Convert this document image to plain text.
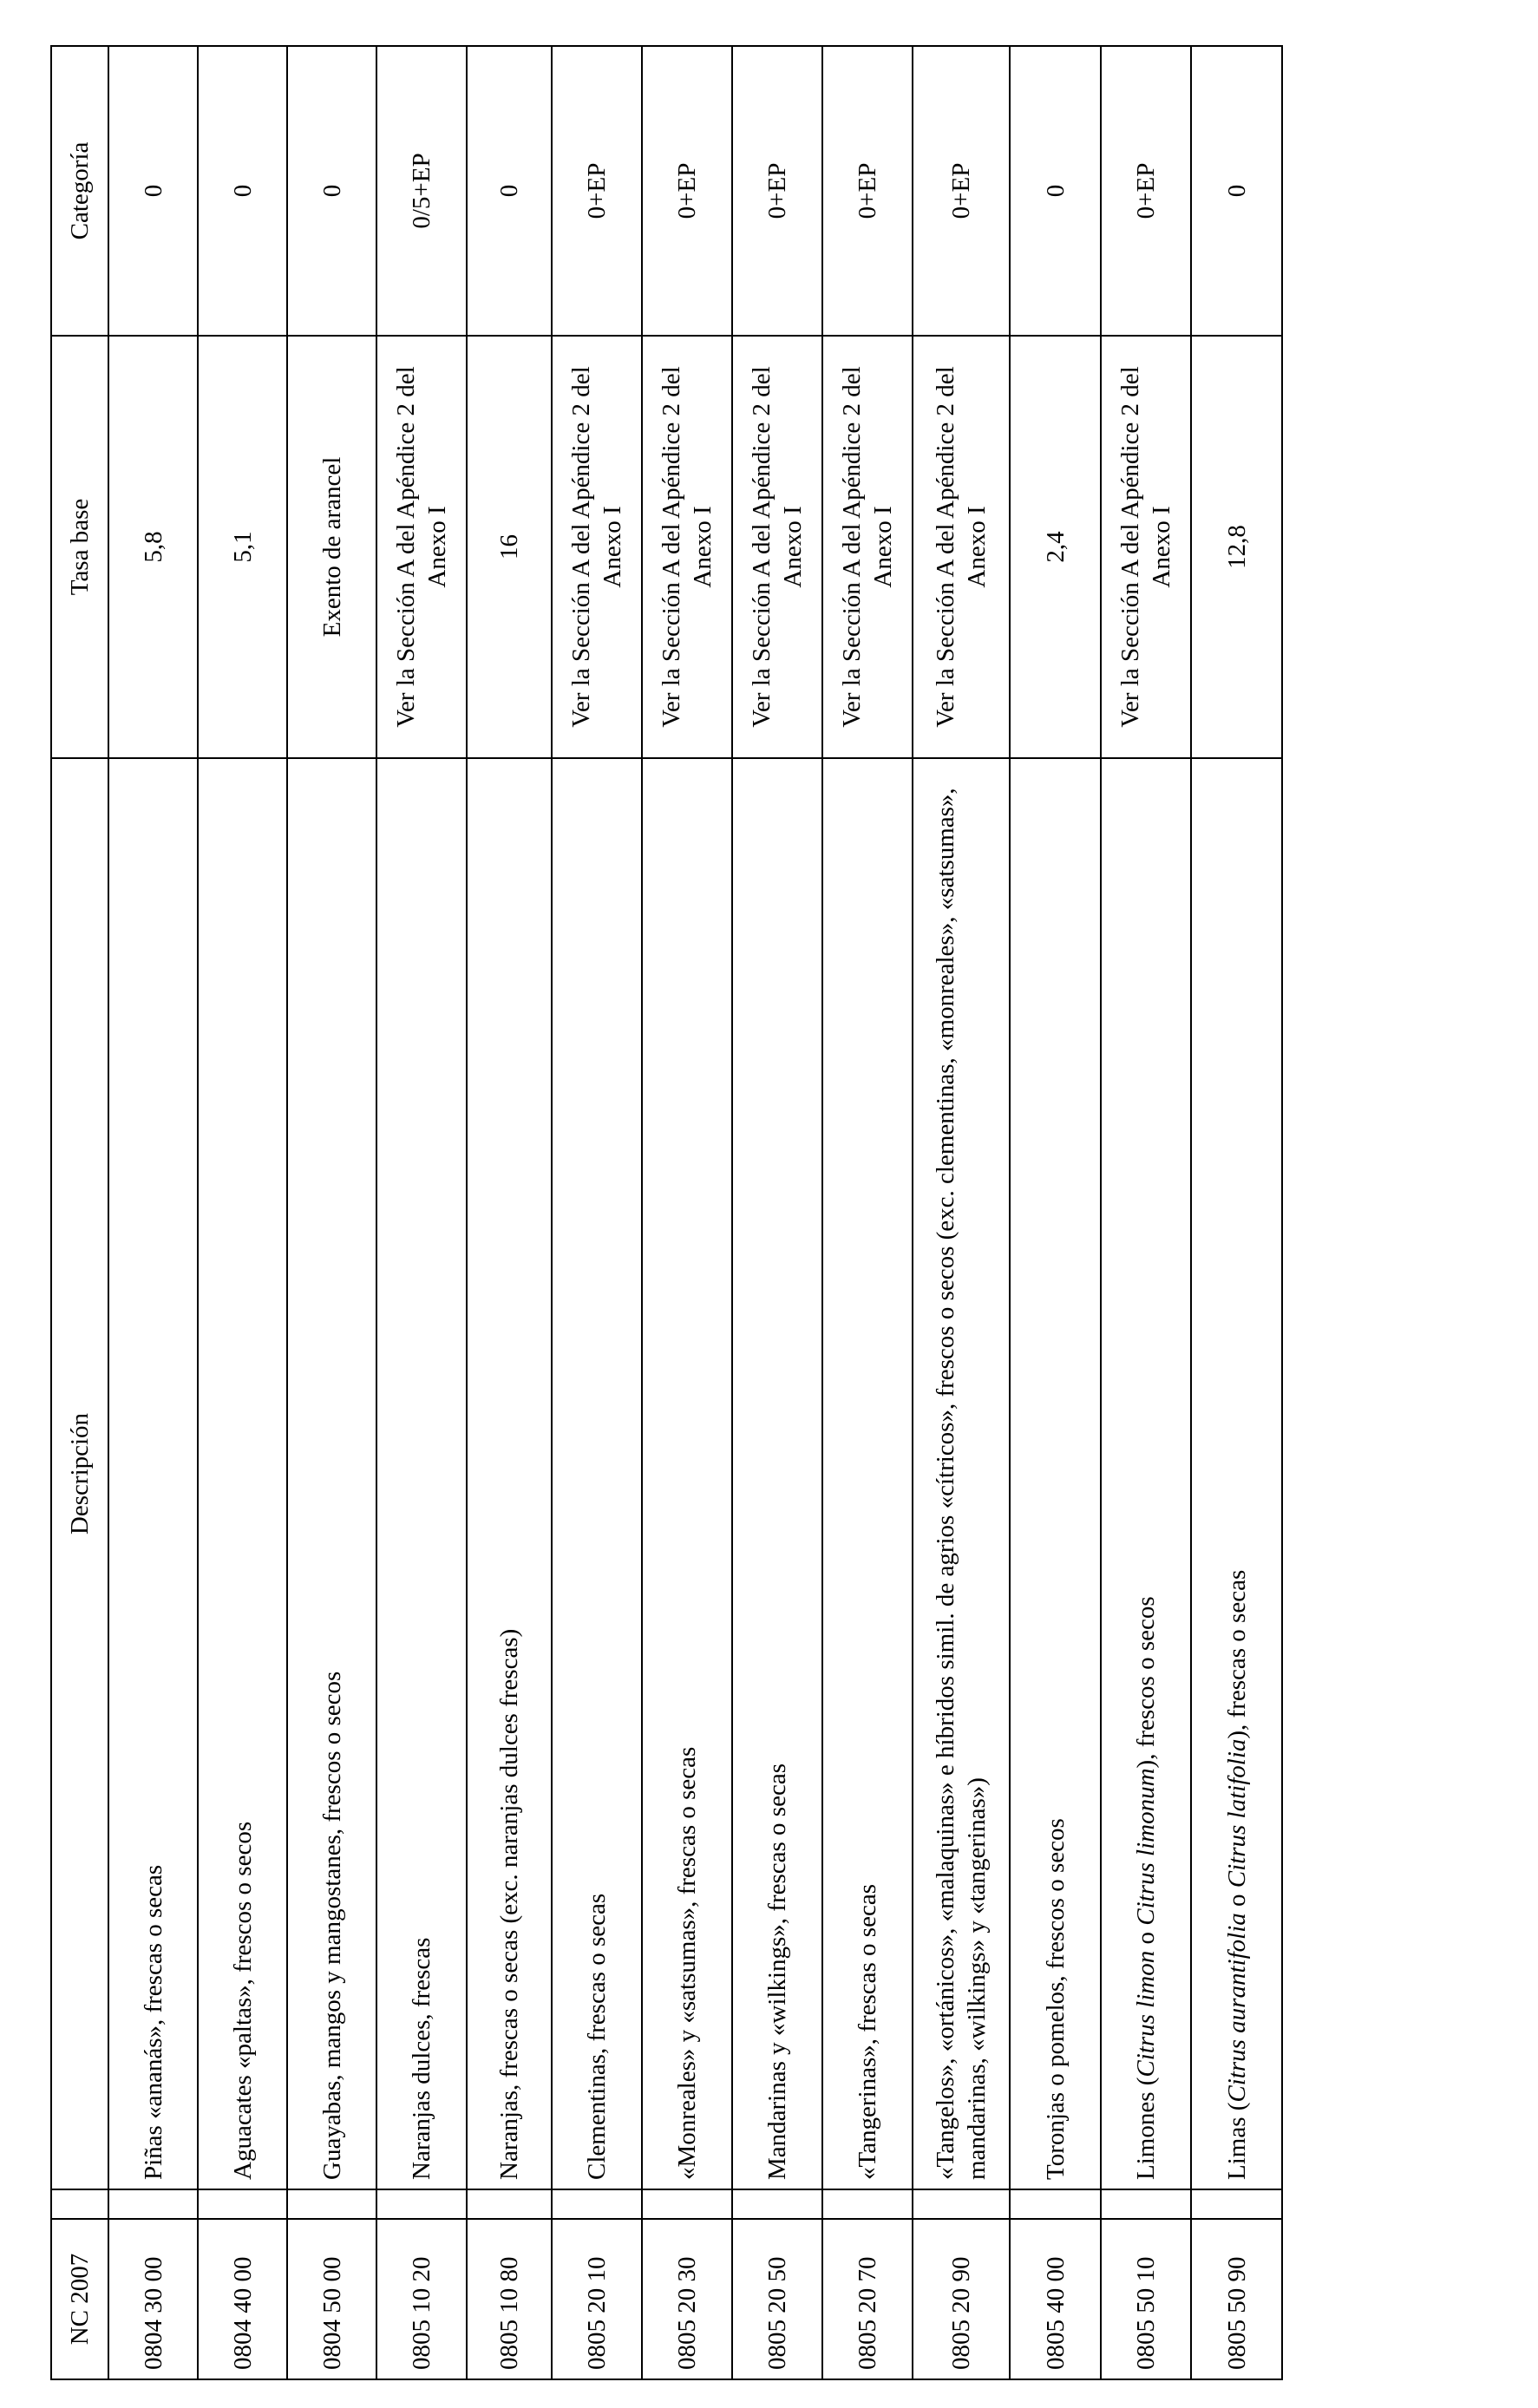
NC 2007		Descripción	Tasa base	Categoría
0804 30 00		Piñas «ananás», frescas o secas	5,8	0
0804 40 00		Aguacates «paltas», frescos o secos	5,1	0
0804 50 00		Guayabas, mangos y mangostanes, frescos o secos	Exento de arancel	0
0805 10 20		Naranjas dulces, frescas	Ver la Sección A del Apéndice 2 del Anexo I	0/5+EP
0805 10 80		Naranjas, frescas o secas (exc. naranjas dulces frescas)	16	0
0805 20 10		Clementinas, frescas o secas	Ver la Sección A del Apéndice 2 del Anexo I	0+EP
0805 20 30		«Monreales» y «satsumas», frescas o secas	Ver la Sección A del Apéndice 2 del Anexo I	0+EP
0805 20 50		Mandarinas y «wilkings», frescas o secas	Ver la Sección A del Apéndice 2 del Anexo I	0+EP
0805 20 70		«Tangerinas», frescas o secas	Ver la Sección A del Apéndice 2 del Anexo I	0+EP
0805 20 90		«Tangelos», «ortánicos», «malaquinas» e híbridos simil. de agrios «cítricos», frescos o secos (exc. clementinas, «monreales», «satsumas», mandarinas, «wilkings» y «tangerinas»)	Ver la Sección A del Apéndice 2 del Anexo I	0+EP
0805 40 00		Toronjas o pomelos, frescos o secos	2,4	0
0805 50 10		Limones (Citrus limon o Citrus limonum), frescos o secos	Ver la Sección A del Apéndice 2 del Anexo I	0+EP
0805 50 90		Limas (Citrus aurantifolia o Citrus latifolia), frescas o secas	12,8	0
